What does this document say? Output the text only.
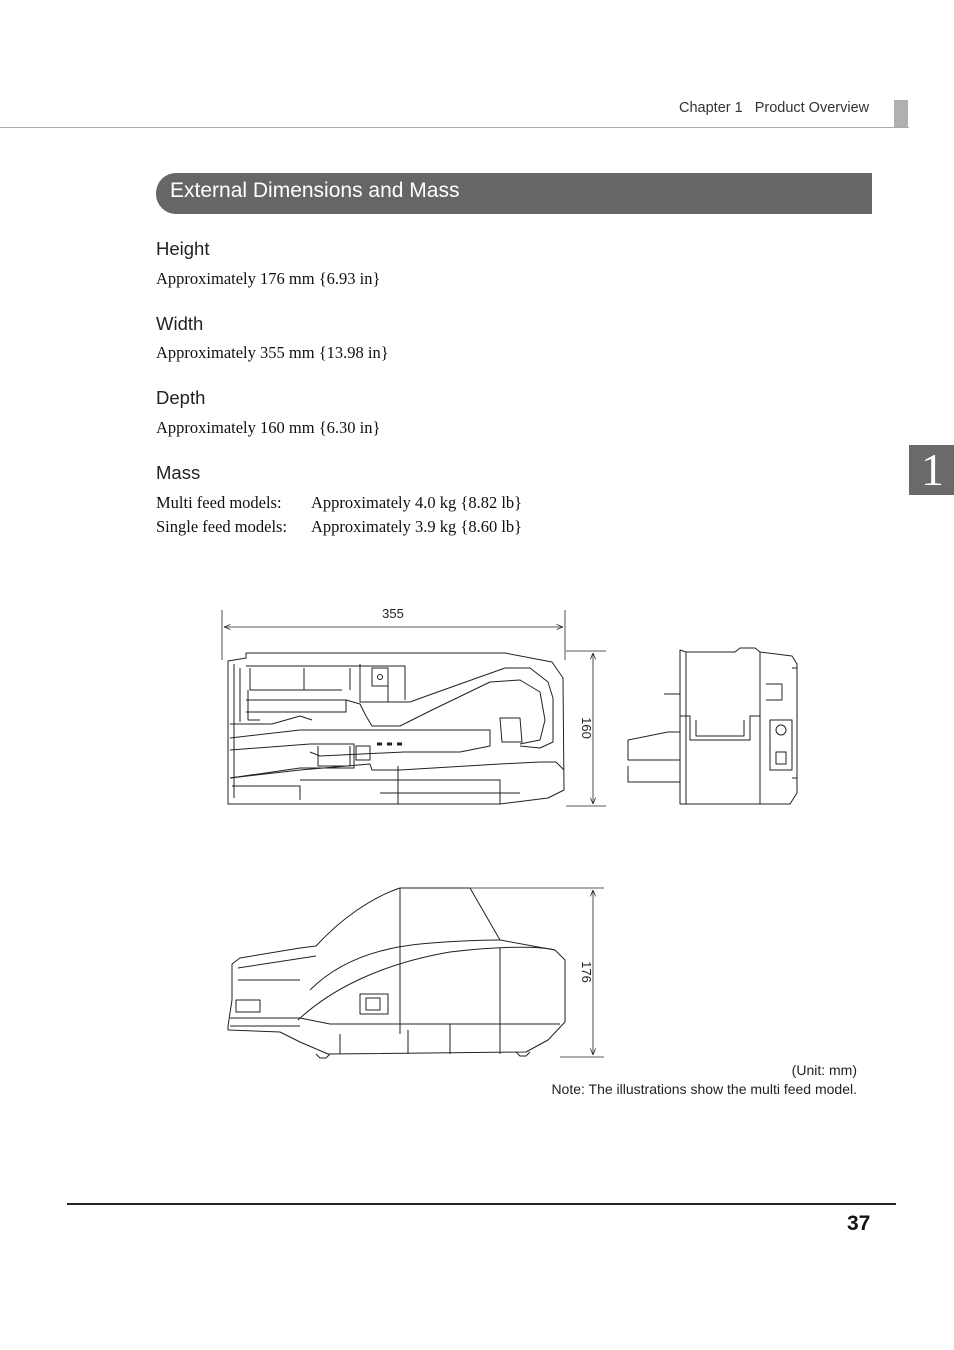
Chapter 1 Product Overview
External Dimensions and Mass
Height
Approximately 176 mm {6.93 in}
Width
Approximately 355 mm {13.98 in}
Depth
Approximately 160 mm {6.30 in}
Mass
Multi feed models: Approximately 4.0 kg {8.82 lb}
Single feed models: Approximately 3.9 kg {8.60 lb}
1
355
160
176
(Unit: mm)
Note: The illustrations show the multi feed model.
37
